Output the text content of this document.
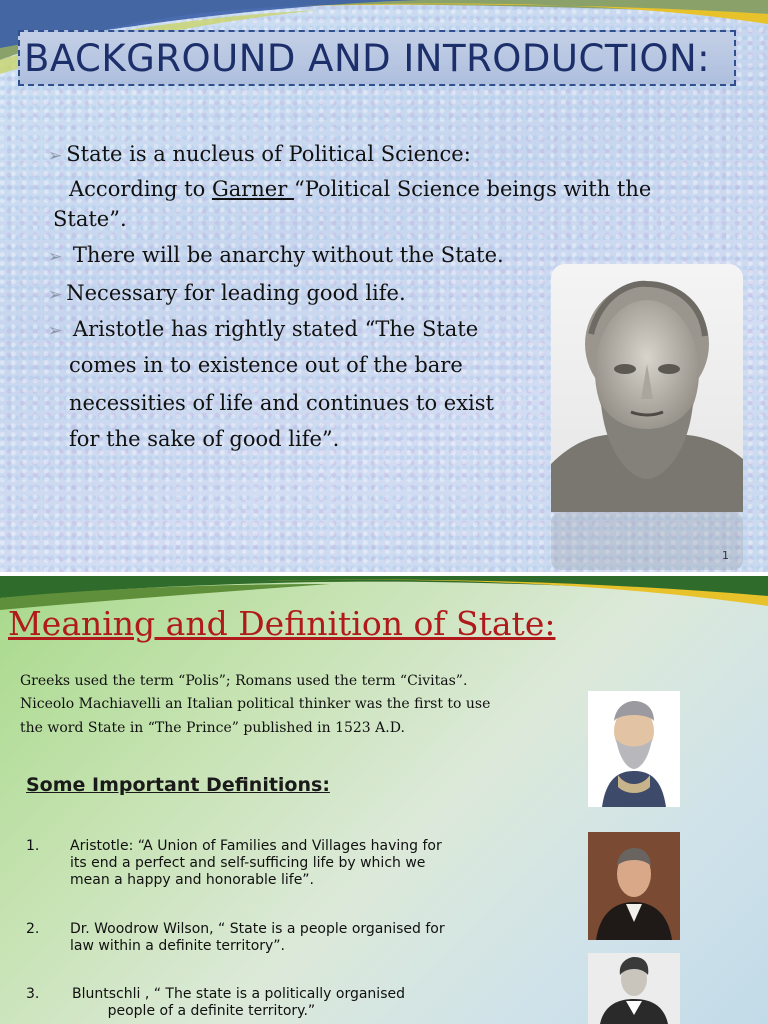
BACKGROUND AND INTRODUCTION:
➢ State is a nucleus of Political Science:
According to Garner “Political Science beings with the
State”.
➢ There will be anarchy without the State.
➢ Necessary for leading good life.
➢ Aristotle has rightly stated “The State
comes in to existence out of the bare
necessities of life and continues to exist
for the sake of good life”.
1
Meaning and Definition of State:
Greeks used the term “Polis”; Romans used the term “Civitas”.
Niceolo Machiavelli an Italian political thinker was the first to use
the word State in “The Prince” published in 1523 A.D.
Some Important Definitions:
1. Aristotle: “A Union of Families and Villages having for
its end a perfect and self-sufficing life by which we
mean a happy and honorable life”.
2. Dr. Woodrow Wilson, “ State is a people organised for
law within a definite territory”.
3. Bluntschli , “ The state is a politically organised
people of a definite territory.”
